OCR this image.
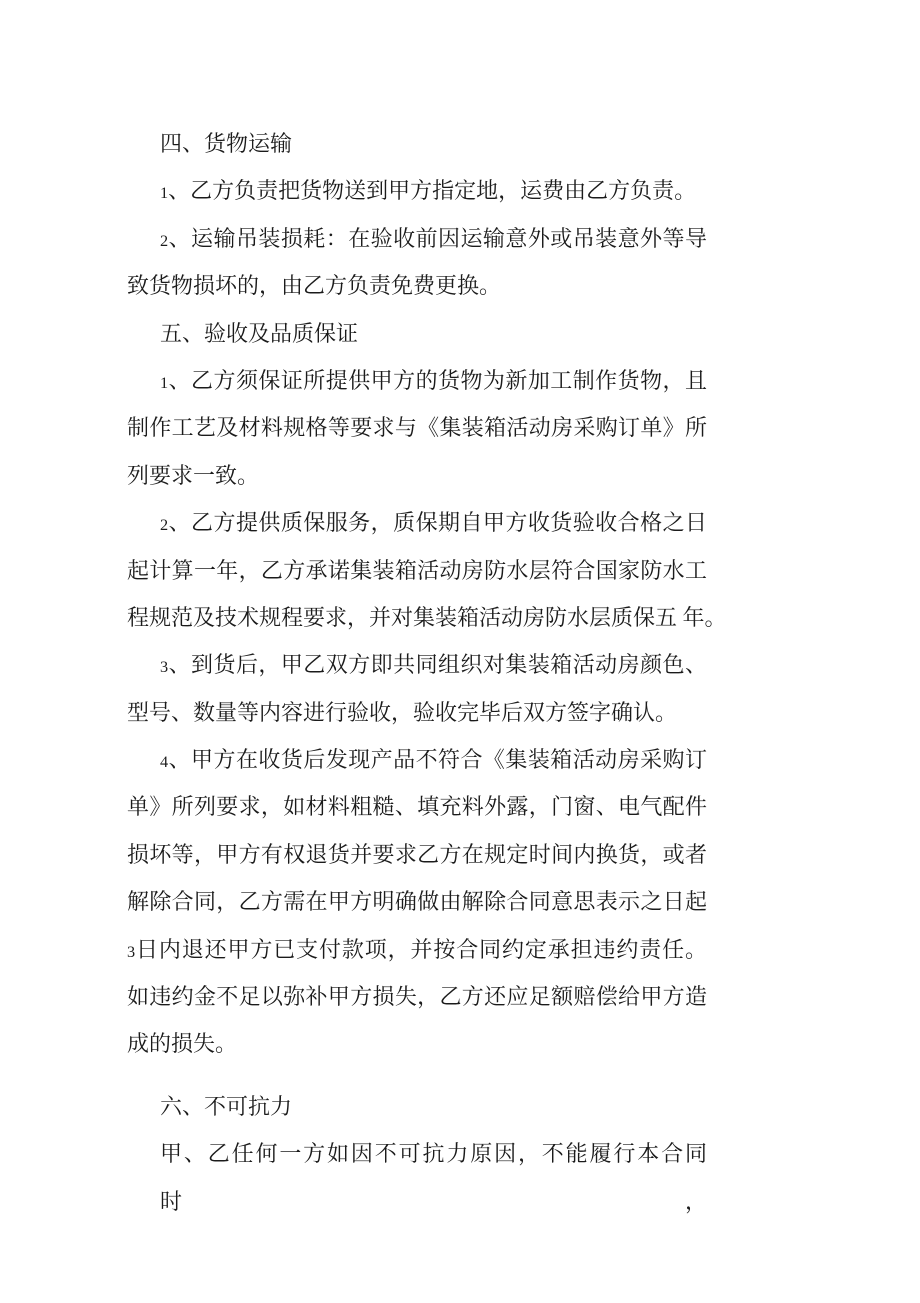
四、货物运输
1、乙方负责把货物送到甲方指定地，运费由乙方负责。
2、运输吊装损耗：在验收前因运输意外或吊装意外等导
致货物损坏的，由乙方负责免费更换。
五、验收及品质保证
1、乙方须保证所提供甲方的货物为新加工制作货物，且
制作工艺及材料规格等要求与《集装箱活动房采购订单》所
列要求一致。
2、乙方提供质保服务，质保期自甲方收货验收合格之日
起计算一年，乙方承诺集装箱活动房防水层符合国家防水工
程规范及技术规程要求，并对集装箱活动房防水层质保五 年。
3、到货后，甲乙双方即共同组织对集装箱活动房颜色、
型号、数量等内容进行验收，验收完毕后双方签字确认。
4、甲方在收货后发现产品不符合《集装箱活动房采购订
单》所列要求，如材料粗糙、填充料外露，门窗、电气配件
损坏等，甲方有权退货并要求乙方在规定时间内换货，或者
解除合同，乙方需在甲方明确做由解除合同意思表示之日起
3日内退还甲方已支付款项，并按合同约定承担违约责任。
如违约金不足以弥补甲方损失，乙方还应足额赔偿给甲方造
成的损失。
六、不可抗力
甲、乙任何一方如因不可抗力原因，不能履行本合同时，
